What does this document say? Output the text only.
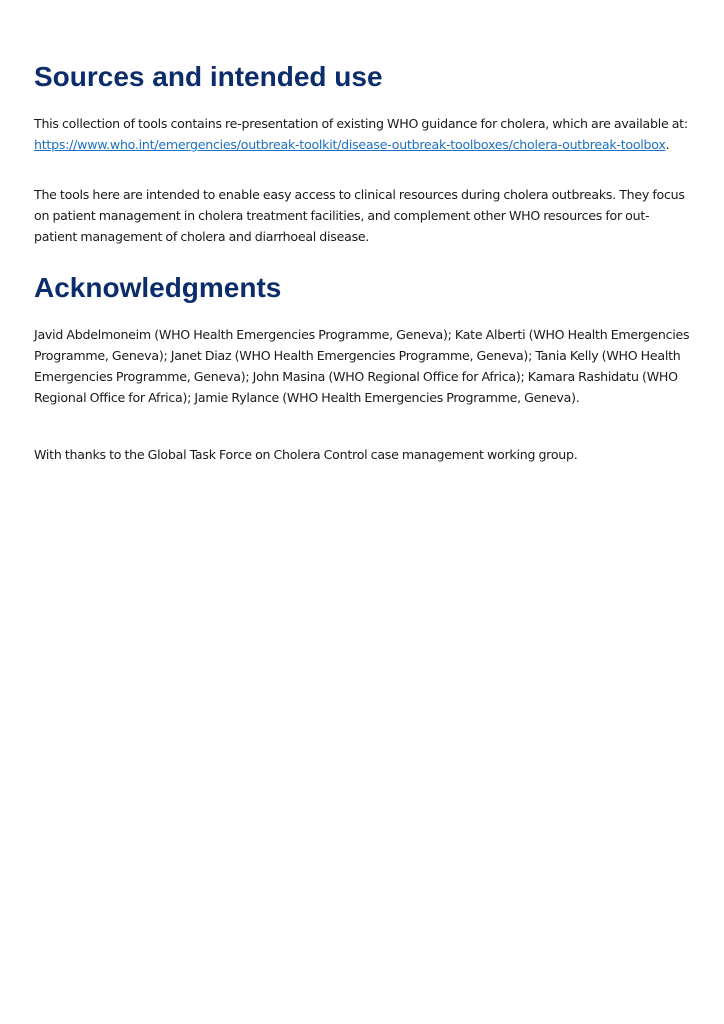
Sources and intended use

This collection of tools contains re-presentation of existing WHO guidance for cholera, which are available at: https://www.who.int/emergencies/outbreak-toolkit/disease-outbreak-toolboxes/cholera-outbreak-toolbox.

The tools here are intended to enable easy access to clinical resources during cholera outbreaks. They focus on patient management in cholera treatment facilities, and complement other WHO resources for out-patient management of cholera and diarrhoeal disease.

Acknowledgments

Javid Abdelmoneim (WHO Health Emergencies Programme, Geneva); Kate Alberti (WHO Health Emergencies Programme, Geneva); Janet Diaz (WHO Health Emergencies Programme, Geneva); Tania Kelly (WHO Health Emergencies Programme, Geneva); John Masina (WHO Regional Office for Africa); Kamara Rashidatu (WHO Regional Office for Africa); Jamie Rylance (WHO Health Emergencies Programme, Geneva).

With thanks to the Global Task Force on Cholera Control case management working group.
